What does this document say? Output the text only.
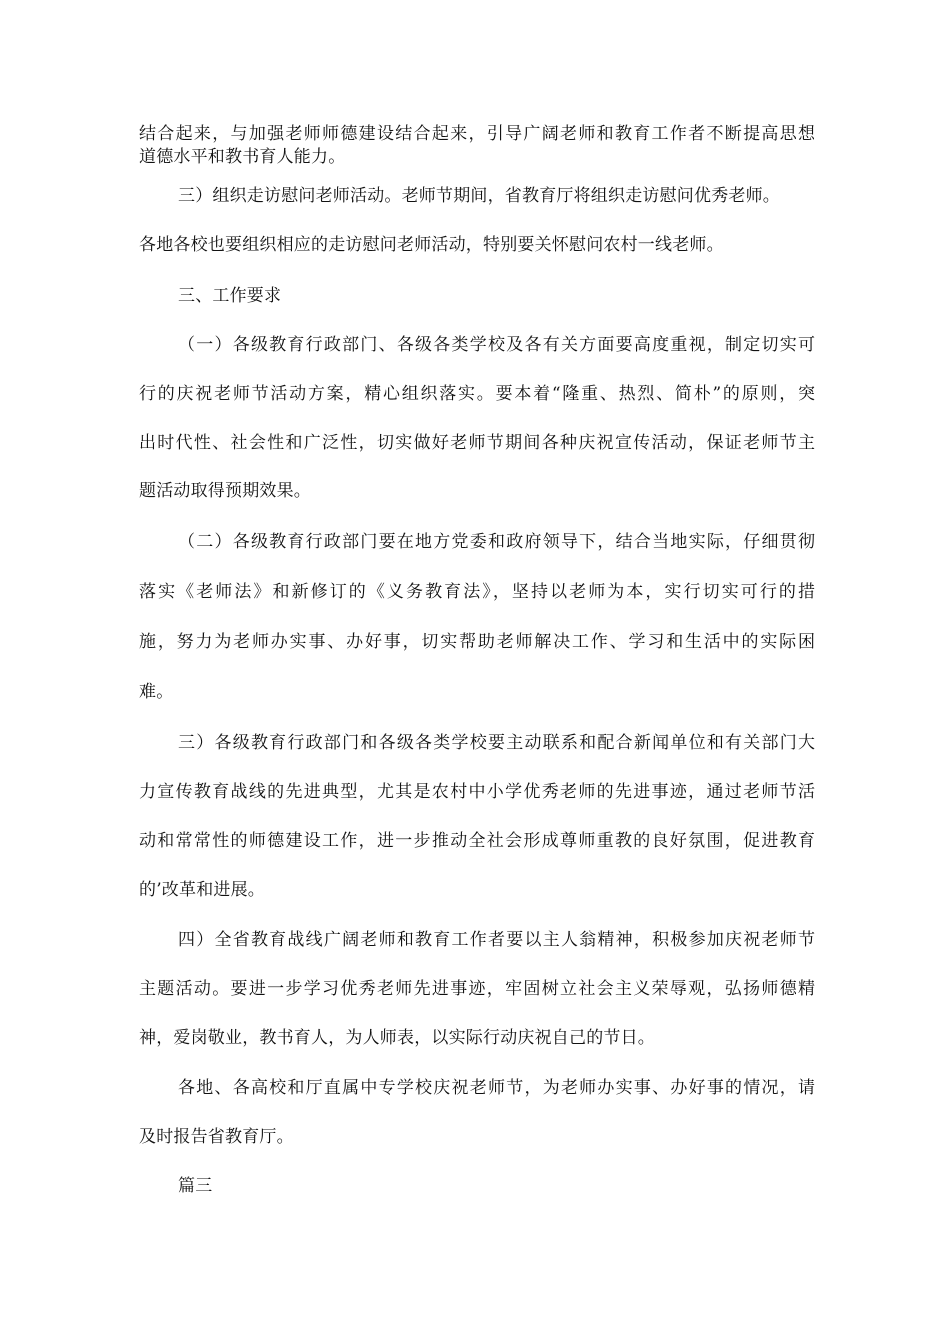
结合起来，与加强老师师德建设结合起来，引导广阔老师和教育工作者不断提高思想
道德水平和教书育人能力。
三）组织走访慰问老师活动。老师节期间，省教育厅将组织走访慰问优秀老师。
各地各校也要组织相应的走访慰问老师活动，特别要关怀慰问农村一线老师。
三、工作要求
（一）各级教育行政部门、各级各类学校及各有关方面要高度重视，制定切实可
行的庆祝老师节活动方案，精心组织落实。要本着“隆重、热烈、简朴”的原则，突
出时代性、社会性和广泛性，切实做好老师节期间各种庆祝宣传活动，保证老师节主
题活动取得预期效果。
（二）各级教育行政部门要在地方党委和政府领导下，结合当地实际，仔细贯彻
落实《老师法》和新修订的《义务教育法》，坚持以老师为本，实行切实可行的措
施，努力为老师办实事、办好事，切实帮助老师解决工作、学习和生活中的实际困
难。
三）各级教育行政部门和各级各类学校要主动联系和配合新闻单位和有关部门大
力宣传教育战线的先进典型，尤其是农村中小学优秀老师的先进事迹，通过老师节活
动和常常性的师德建设工作，进一步推动全社会形成尊师重教的良好氛围，促进教育
的’改革和进展。
四）全省教育战线广阔老师和教育工作者要以主人翁精神，积极参加庆祝老师节
主题活动。要进一步学习优秀老师先进事迹，牢固树立社会主义荣辱观，弘扬师德精
神，爱岗敬业，教书育人，为人师表，以实际行动庆祝自己的节日。
各地、各高校和厅直属中专学校庆祝老师节，为老师办实事、办好事的情况，请
及时报告省教育厅。
篇三
